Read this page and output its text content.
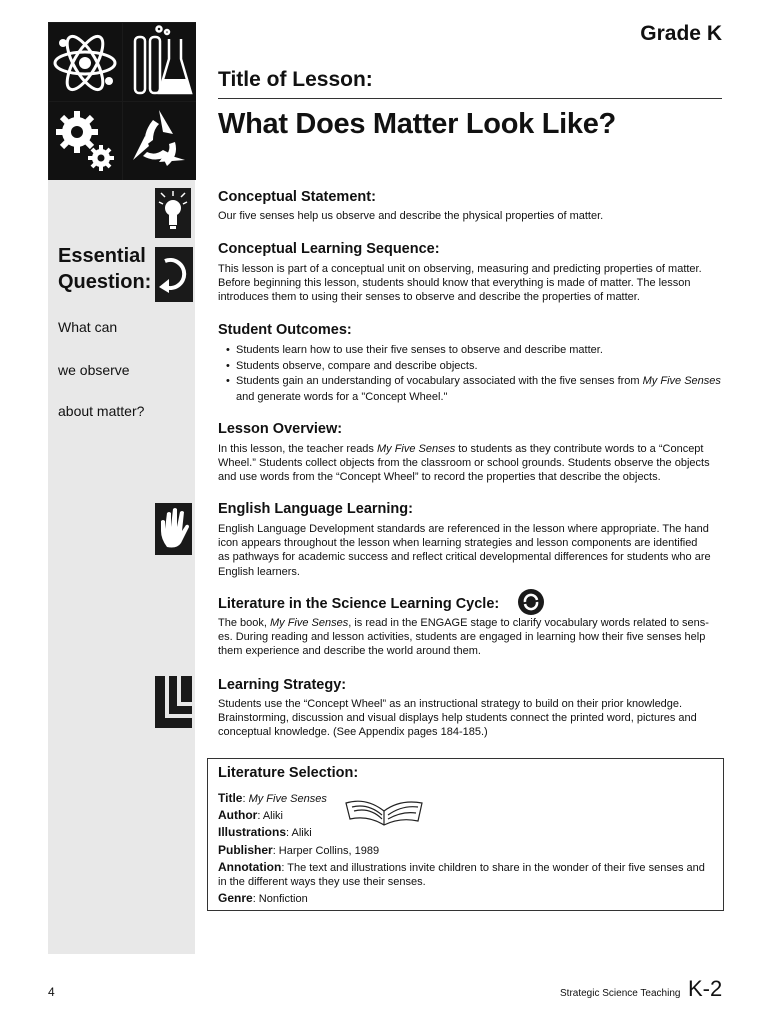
Grade K
Title of Lesson:
What Does Matter Look Like?
Essential
Question:
What can
we observe
about matter?
Conceptual Statement:
Our five senses help us observe and describe the physical properties of matter.
Conceptual Learning Sequence:
This lesson is part of a conceptual unit on observing, measuring and predicting properties of matter.
Before beginning this lesson, students should know that everything is made of matter. The lesson
introduces them to using their senses to observe and describe the properties of matter.
Student Outcomes:
• Students learn how to use their five senses to observe and describe matter.
• Students observe, compare and describe objects.
• Students gain an understanding of vocabulary associated with the five senses from My Five Senses and generate words for a "Concept Wheel."
Lesson Overview:
In this lesson, the teacher reads My Five Senses to students as they contribute words to a “Concept
Wheel.” Students collect objects from the classroom or school grounds. Students observe the objects
and use words from the “Concept Wheel” to record the properties that describe the objects.
English Language Learning:
English Language Development standards are referenced in the lesson where appropriate. The hand
icon appears throughout the lesson when learning strategies and lesson components are identified
as pathways for academic success and reflect critical developmental differences for students who are
English learners.
Literature in the Science Learning Cycle:
The book, My Five Senses, is read in the ENGAGE stage to clarify vocabulary words related to sens-
es. During reading and lesson activities, students are engaged in learning how their five senses help
them experience and describe the world around them.
Learning Strategy:
Students use the “Concept Wheel” as an instructional strategy to build on their prior knowledge.
Brainstorming, discussion and visual displays help students connect the printed word, pictures and
conceptual knowledge. (See Appendix pages 184-185.)
Literature Selection:
Title: My Five Senses
Author: Aliki
Illustrations: Aliki
Publisher: Harper Collins, 1989
Annotation: The text and illustrations invite children to share in the wonder of their five senses and
in the different ways they use their senses.
Genre: Nonfiction
4	Strategic Science Teaching K-2
